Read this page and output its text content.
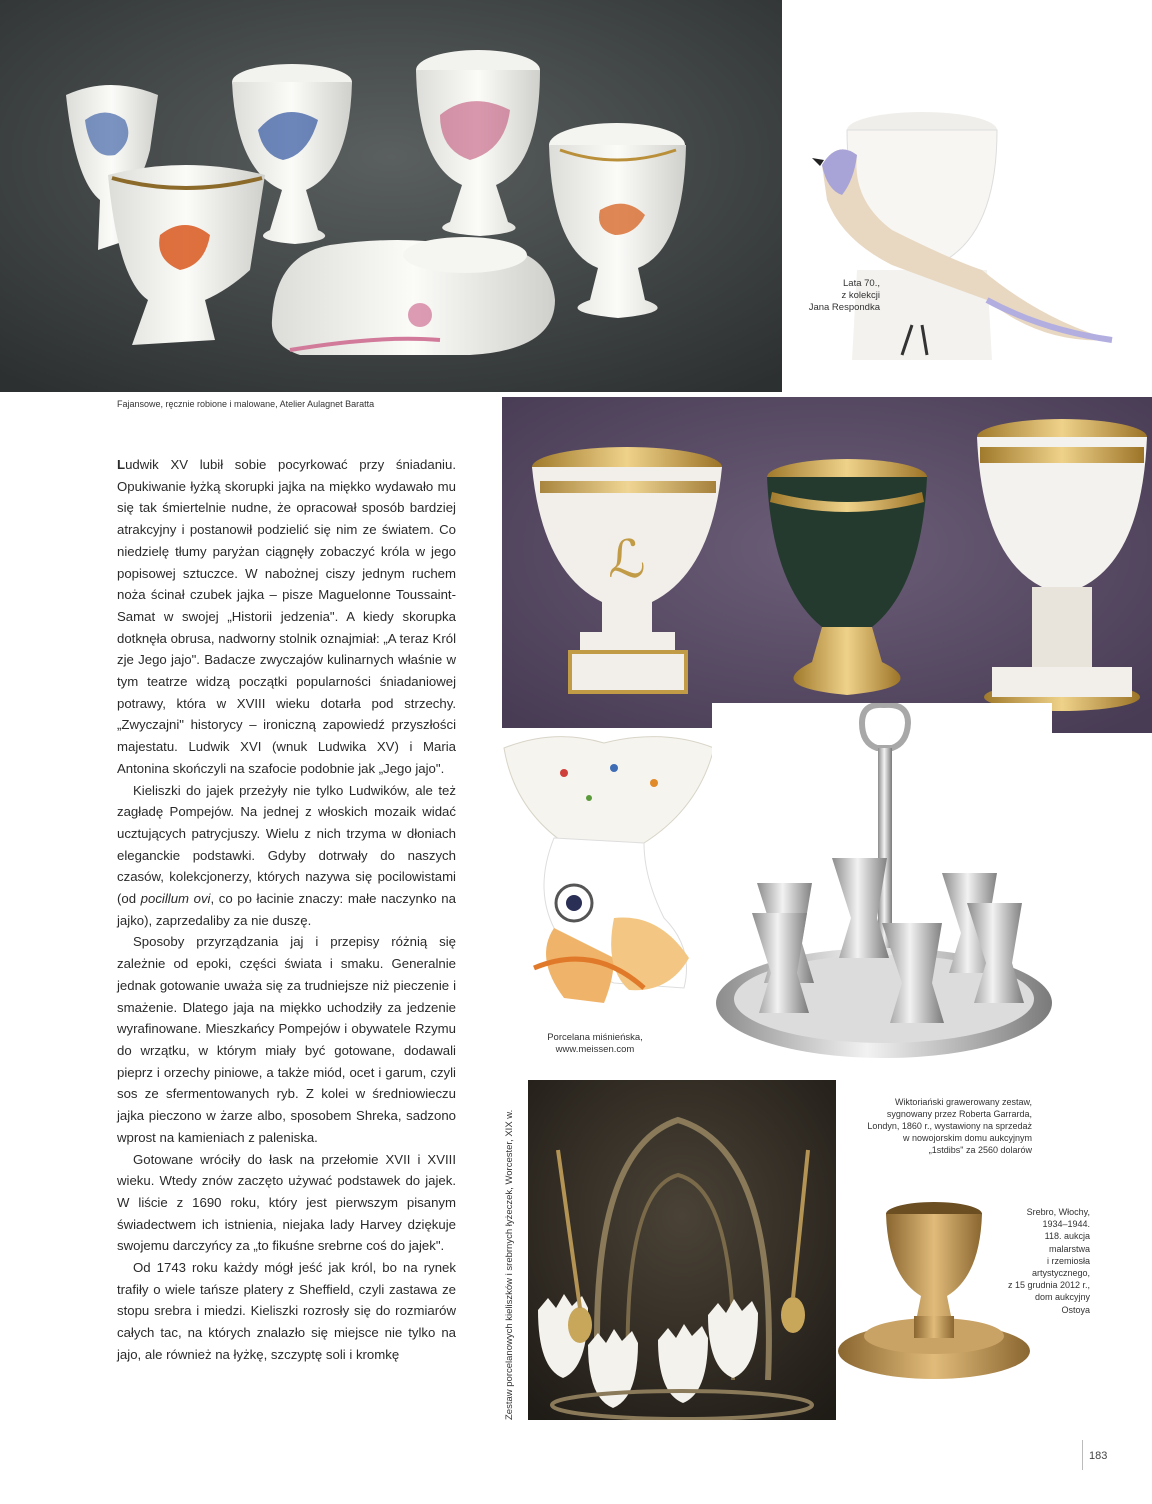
Lata 70.,
z kolekcji
Jana Respondka
Fajansowe, ręcznie robione i malowane, Atelier Aulagnet Baratta
ℒ
Porcelana miśnieńska,
www.meissen.com
Wiktoriański grawerowany zestaw,
sygnowany przez Roberta Garrarda,
Londyn, 1860 r., wystawiony na sprzedaż
w nowojorskim domu aukcyjnym
„1stdibs" za 2560 dolarów
Zestaw porcelanowych kieliszków i srebrnych łyżeczek, Worcester, XIX w.	Srebro, Włochy,
1934–1944.
118. aukcja
malarstwa
i rzemiosła
artystycznego,
z 15 grudnia 2012 r.,
dom aukcyjny
Ostoya

Ludwik XV lubił sobie pocyrkować przy śniadaniu. Opukiwanie łyżką skorupki jajka na miękko wydawało mu się tak śmiertelnie nudne, że opracował sposób bardziej atrakcyjny i postanowił podzielić się nim ze światem. Co niedzielę tłumy paryżan ciągnęły zobaczyć króla w jego popisowej sztuczce. W nabożnej ciszy jednym ruchem noża ścinał czubek jajka – pisze Maguelonne Toussaint-Samat w swojej „Historii jedzenia". A kiedy skorupka dotknęła obrusa, nadworny stolnik oznajmiał: „A teraz Król zje Jego jajo". Badacze zwyczajów kulinarnych właśnie w tym teatrze widzą początki popularności śniadaniowej potrawy, która w XVIII wieku dotarła pod strzechy. „Zwyczajni" historycy – ironiczną zapowiedź przyszłości majestatu. Ludwik XVI (wnuk Ludwika XV) i Maria Antonina skończyli na szafocie podobnie jak „Jego jajo".

Kieliszki do jajek przeżyły nie tylko Ludwików, ale też zagładę Pompejów. Na jednej z włoskich mozaik widać ucztujących patrycjuszy. Wielu z nich trzyma w dłoniach eleganckie podstawki. Gdyby dotrwały do naszych czasów, kolekcjonerzy, których nazywa się pocilowistami (od pocillum ovi, co po łacinie znaczy: małe naczynko na jajko), zaprzedaliby za nie duszę.

Sposoby przyrządzania jaj i przepisy różnią się zależnie od epoki, części świata i smaku. Generalnie jednak gotowanie uważa się za trudniejsze niż pieczenie i smażenie. Dlatego jaja na miękko uchodziły za jedzenie wyrafinowane. Mieszkańcy Pompejów i obywatele Rzymu do wrzątku, w którym miały być gotowane, dodawali pieprz i orzechy piniowe, a także miód, ocet i garum, czyli sos ze sfermentowanych ryb. Z kolei w średniowieczu jajka pieczono w żarze albo, sposobem Shreka, sadzono wprost na kamieniach z paleniska.

Gotowane wróciły do łask na przełomie XVII i XVIII wieku. Wtedy znów zaczęto używać podstawek do jajek. W liście z 1690 roku, który jest pierwszym pisanym świadectwem ich istnienia, niejaka lady Harvey dziękuje swojemu darczyńcy za „to fikuśne srebrne coś do jajek".

Od 1743 roku każdy mógł jeść jak król, bo na rynek trafiły o wiele tańsze platery z Sheffield, czyli zastawa ze stopu srebra i miedzi. Kieliszki rozrosły się do rozmiarów całych tac, na których znalazło się miejsce nie tylko na jajo, ale również na łyżkę, szczyptę soli i kromkę

183
